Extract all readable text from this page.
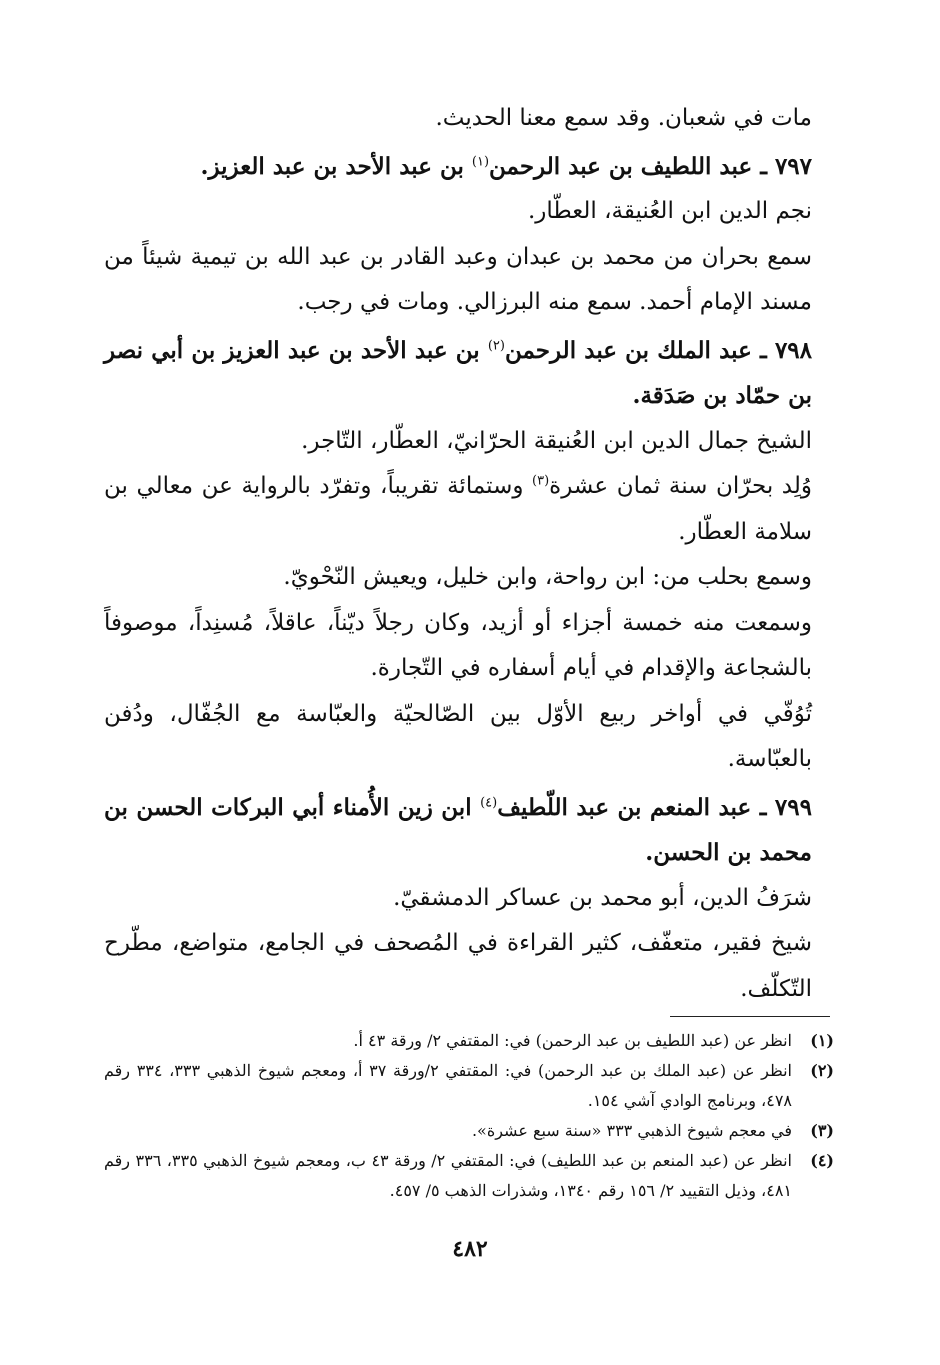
مات في شعبان. وقد سمع معنا الحديث.

٧٩٧ ـ عبد اللطيف بن عبد الرحمن$^{(١)}$ بن عبد الأحد بن عبد العزيز.

نجم الدين ابن العُنيقة، العطّار.

سمع بحران من محمد بن عبدان وعبد القادر بن عبد الله بن تيمية شيئاً من مسند الإمام أحمد. سمع منه البرزالي. ومات في رجب.

٧٩٨ ـ عبد الملك بن عبد الرحمن$^{(٢)}$ بن عبد الأحد بن عبد العزيز بن أبي نصر بن حمّاد بن صَدَقة.

الشيخ جمال الدين ابن العُنيقة الحرّانيّ، العطّار، التّاجر.

وُلِد بحرّان سنة ثمان عشرة$^{(٣)}$ وستمائة تقريباً، وتفرّد بالرواية عن معالي بن سلامة العطّار.

وسمع بحلب من: ابن رواحة، وابن خليل، ويعيش النّحْويّ.

وسمعت منه خمسة أجزاء أو أزيد، وكان رجلاً ديّناً، عاقلاً، مُسنِداً، موصوفاً بالشجاعة والإقدام في أيام أسفاره في التّجارة.

تُوُفّي في أواخر ربيع الأوّل بين الصّالحيّة والعبّاسة مع الجُفّال، ودُفن بالعبّاسة.

٧٩٩ ـ عبد المنعم بن عبد اللّطيف$^{(٤)}$ ابن زين الأُمناء أبي البركات الحسن بن محمد بن الحسن.

شرَفُ الدين، أبو محمد بن عساكر الدمشقيّ.

شيخ فقير، متعفّف، كثير القراءة في المُصحف في الجامع، متواضع، مطّرح التّكلّف.

(١)
انظر عن (عبد اللطيف بن عبد الرحمن) في: المقتفي ٢/ ورقة ٤٣ أ.
(٢)
انظر عن (عبد الملك بن عبد الرحمن) في: المقتفي ٢/ورقة ٣٧ أ، ومعجم شيوخ الذهبي ٣٣٣، ٣٣٤ رقم ٤٧٨، وبرنامج الوادي آشي ١٥٤.
(٣)
في معجم شيوخ الذهبي ٣٣٣ «سنة سبع عشرة».
(٤)
انظر عن (عبد المنعم بن عبد اللطيف) في: المقتفي ٢/ ورقة ٤٣ ب، ومعجم شيوخ الذهبي ٣٣٥، ٣٣٦ رقم ٤٨١، وذيل التقييد ٢/ ١٥٦ رقم ١٣٤٠، وشذرات الذهب ٥/ ٤٥٧.
٤٨٢
